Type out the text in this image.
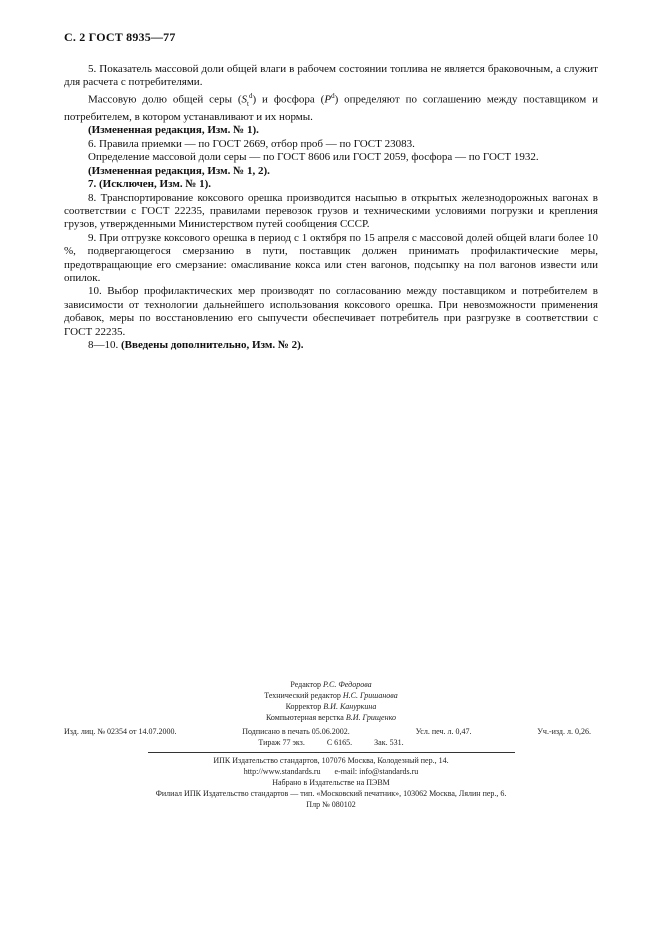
С. 2 ГОСТ 8935—77

5. Показатель массовой доли общей влаги в рабочем состоянии топлива не является браковочным, а служит для расчета с потребителями.

Массовую долю общей серы $(S_t^d)$ и фосфора $(P^d)$ определяют по соглашению между поставщиком и потребителем, в котором устанавливают и их нормы.

(Измененная редакция, Изм. № 1).

6. Правила приемки — по ГОСТ 2669, отбор проб — по ГОСТ 23083.

Определение массовой доли серы — по ГОСТ 8606 или ГОСТ 2059, фосфора — по ГОСТ 1932.

(Измененная редакция, Изм. № 1, 2).

7. (Исключен, Изм. № 1).

8. Транспортирование коксового орешка производится насыпью в открытых железнодорожных вагонах в соответствии с ГОСТ 22235, правилами перевозок грузов и техническими условиями погрузки и крепления грузов, утвержденными Министерством путей сообщения СССР.

9. При отгрузке коксового орешка в период с 1 октября по 15 апреля с массовой долей общей влаги более 10 %, подвергающегося смерзанию в пути, поставщик должен принимать профилактические меры, предотвращающие его смерзание: омасливание кокса или стен вагонов, подсыпку на пол вагонов извести или опилок.

10. Выбор профилактических мер производят по согласованию между поставщиком и потребителем в зависимости от технологии дальнейшего использования коксового орешка. При невозможности применения добавок, меры по восстановлению его сыпучести обеспечивает потребитель при разгрузке в соответствии с ГОСТ 22235.

8—10. (Введены дополнительно, Изм. № 2).

Редактор Р.С. Федорова
Технический редактор Н.С. Гришанова
Корректор В.И. Кануркина
Компьютерная верстка В.И. Грищенко
Изд. лиц. № 02354 от 14.07.2000.	Подписано в печать 05.06.2002.	Усл. печ. л. 0,47.	Уч.-изд. л. 0,26.
Тираж 77 экз.	С 6165.	Зак. 531.
ИПК Издательство стандартов, 107076 Москва, Колодезный пер., 14.
http://www.standards.ru e-mail: info@standards.ru
Набрано в Издательстве на ПЭВМ
Филиал ИПК Издательство стандартов — тип. «Московский печатник», 103062 Москва, Лялин пер., 6.
Плр № 080102
